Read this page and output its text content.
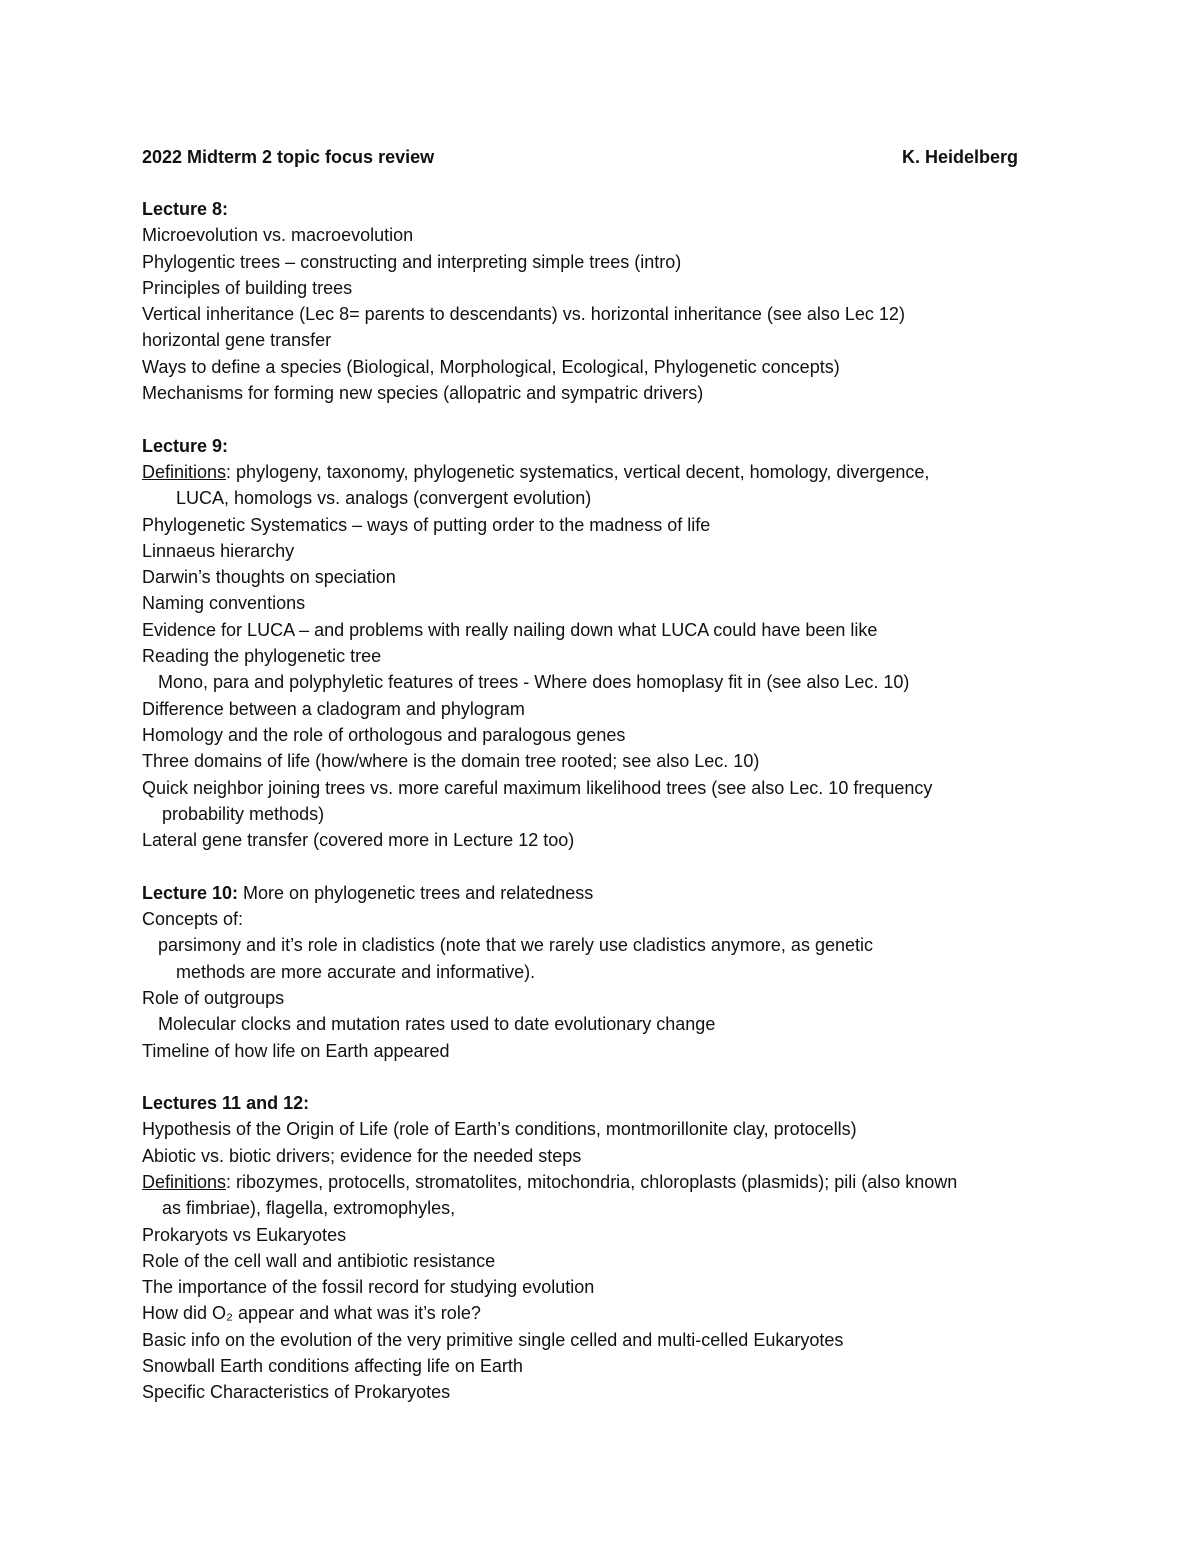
2022 Midterm 2 topic focus review	K. Heidelberg
Lecture 8:
Microevolution vs. macroevolution
Phylogentic trees – constructing and interpreting simple trees (intro)
Principles of building trees
Vertical inheritance (Lec 8= parents to descendants) vs. horizontal inheritance (see also Lec 12)
horizontal gene transfer
Ways to define a species (Biological, Morphological, Ecological, Phylogenetic concepts)
Mechanisms for forming new species (allopatric and sympatric drivers)
Lecture 9:
Definitions: phylogeny, taxonomy, phylogenetic systematics, vertical decent, homology, divergence,
LUCA, homologs vs. analogs (convergent evolution)
Phylogenetic Systematics – ways of putting order to the madness of life
Linnaeus hierarchy
Darwin’s thoughts on speciation
Naming conventions
Evidence for LUCA – and problems with really nailing down what LUCA could have been like
Reading the phylogenetic tree
Mono, para and polyphyletic features of trees - Where does homoplasy fit in (see also Lec. 10)
Difference between a cladogram and phylogram
Homology and the role of orthologous and paralogous genes
Three domains of life (how/where is the domain tree rooted; see also Lec. 10)
Quick neighbor joining trees vs. more careful maximum likelihood trees (see also Lec. 10 frequency
probability methods)
Lateral gene transfer (covered more in Lecture 12 too)
Lecture 10: More on phylogenetic trees and relatedness
Concepts of:
parsimony and it’s role in cladistics (note that we rarely use cladistics anymore, as genetic
methods are more accurate and informative).
Role of outgroups
Molecular clocks and mutation rates used to date evolutionary change
Timeline of how life on Earth appeared
Lectures 11 and 12:
Hypothesis of the Origin of Life (role of Earth’s conditions, montmorillonite clay, protocells)
Abiotic vs. biotic drivers; evidence for the needed steps
Definitions: ribozymes, protocells, stromatolites, mitochondria, chloroplasts (plasmids); pili (also known
as fimbriae), flagella, extromophyles,
Prokaryots vs Eukaryotes
Role of the cell wall and antibiotic resistance
The importance of the fossil record for studying evolution
How did O₂ appear and what was it’s role?
Basic info on the evolution of the very primitive single celled and multi-celled Eukaryotes
Snowball Earth conditions affecting life on Earth
Specific Characteristics of Prokaryotes
